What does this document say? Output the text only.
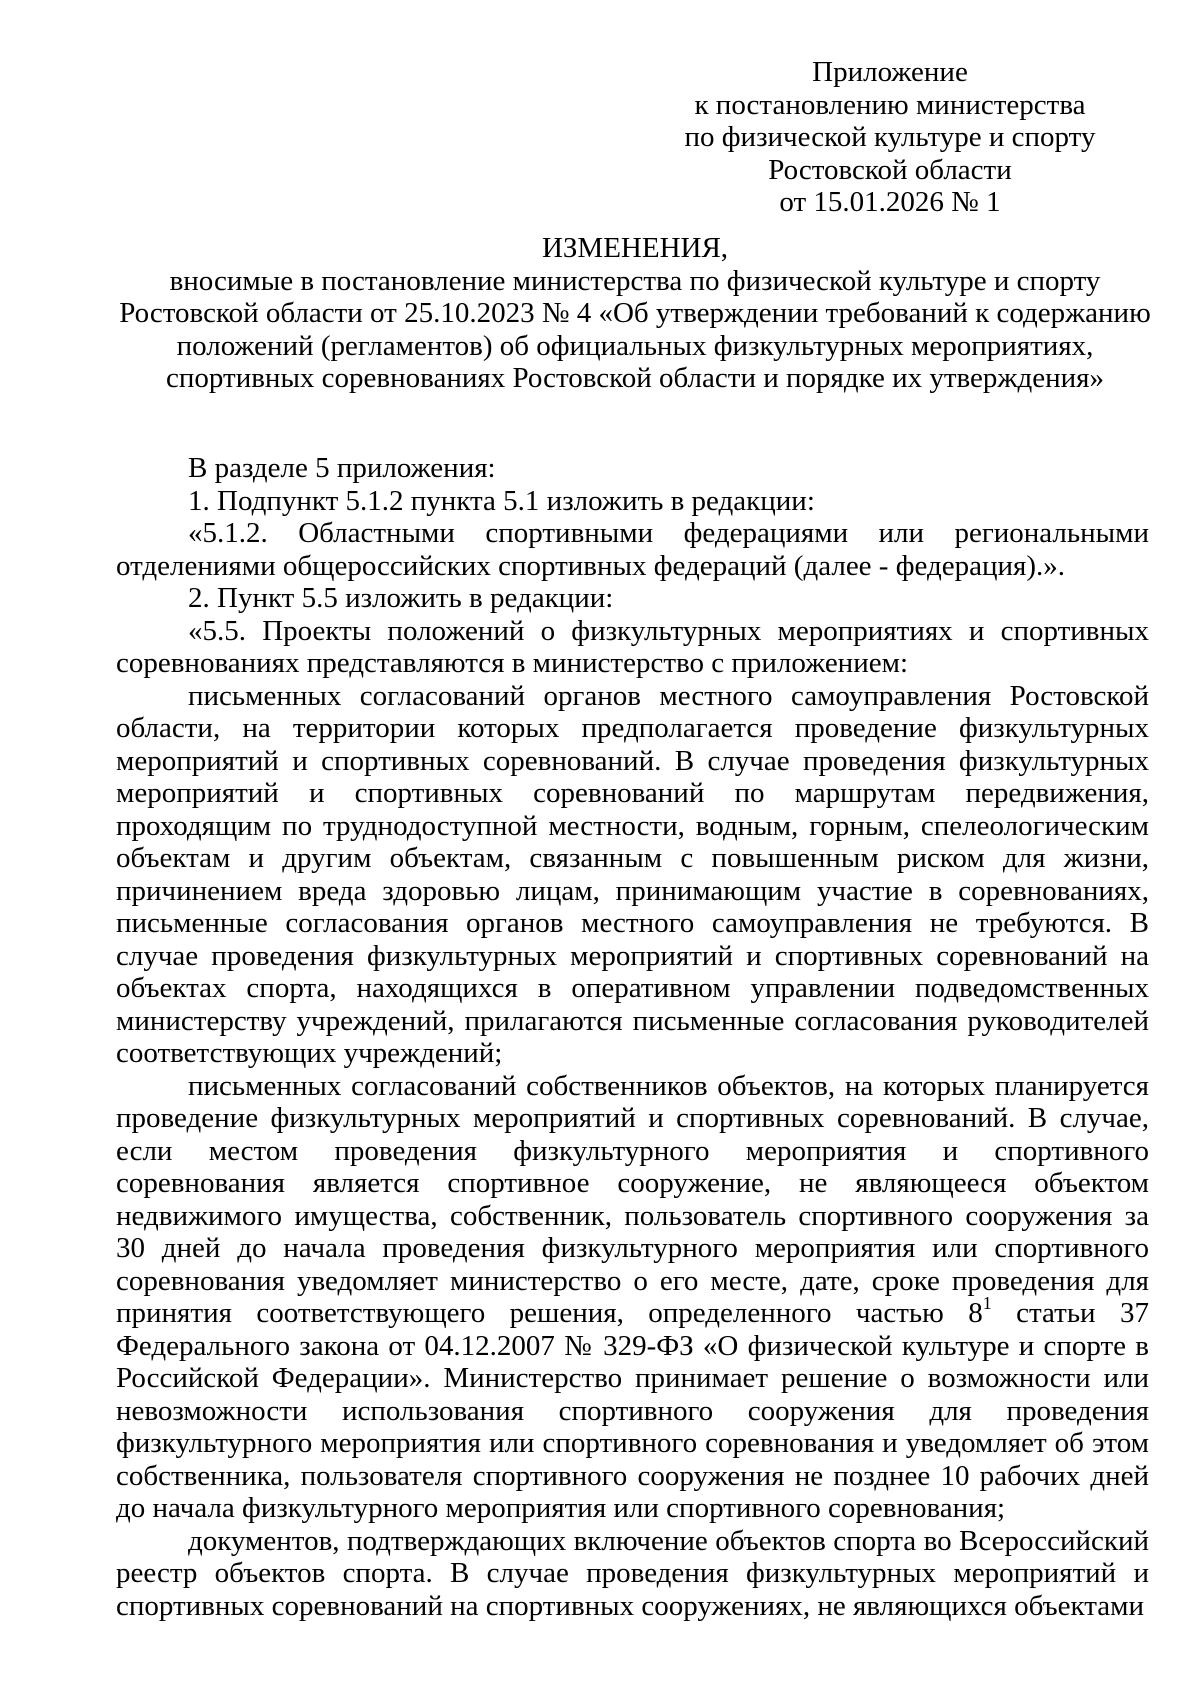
Приложение
к постановлению министерства
по физической культуре и спорту
Ростовской области
от 15.01.2026 № 1
ИЗМЕНЕНИЯ,
вносимые в постановление министерства по физической культуре и спорту
Ростовской области от 25.10.2023 № 4 «Об утверждении требований к содержанию
положений (регламентов) об официальных физкультурных мероприятиях,
спортивных соревнованиях Ростовской области и порядке их утверждения»

В разделе 5 приложения:

1. Подпункт 5.1.2 пункта 5.1 изложить в редакции:

«5.1.2. Областными спортивными федерациями или региональными отделениями общероссийских спортивных федераций (далее - федерация).».

2. Пункт 5.5 изложить в редакции:

«5.5. Проекты положений о физкультурных мероприятиях и спортивных соревнованиях представляются в министерство с приложением:

письменных согласований органов местного самоуправления Ростовской области, на территории которых предполагается проведение физкультурных мероприятий и спортивных соревнований. В случае проведения физкультурных мероприятий и спортивных соревнований по маршрутам передвижения, проходящим по труднодоступной местности, водным, горным, спелеологическим объектам и другим объектам, связанным с повышенным риском для жизни, причинением вреда здоровью лицам, принимающим участие в соревнованиях, письменные согласования органов местного самоуправления не требуются. В случае проведения физкультурных мероприятий и спортивных соревнований на объектах спорта, находящихся в оперативном управлении подведомственных министерству учреждений, прилагаются письменные согласования руководителей соответствующих учреждений;

письменных согласований собственников объектов, на которых планируется проведение физкультурных мероприятий и спортивных соревнований. В случае, если местом проведения физкультурного мероприятия и спортивного соревнования является спортивное сооружение, не являющееся объектом недвижимого имущества, собственник, пользователь спортивного сооружения за 30 дней до начала проведения физкультурного мероприятия или спортивного соревнования уведомляет министерство о его месте, дате, сроке проведения для принятия соответствующего решения, определенного частью $8^1$ статьи 37 Федерального закона от 04.12.2007 № 329-ФЗ «О физической культуре и спорте в Российской Федерации». Министерство принимает решение о возможности или невозможности использования спортивного сооружения для проведения физкультурного мероприятия или спортивного соревнования и уведомляет об этом собственника, пользователя спортивного сооружения не позднее 10 рабочих дней до начала физкультурного мероприятия или спортивного соревнования;

документов, подтверждающих включение объектов спорта во Всероссийский реестр объектов спорта. В случае проведения физкультурных мероприятий и спортивных соревнований на спортивных сооружениях, не являющихся объектами
